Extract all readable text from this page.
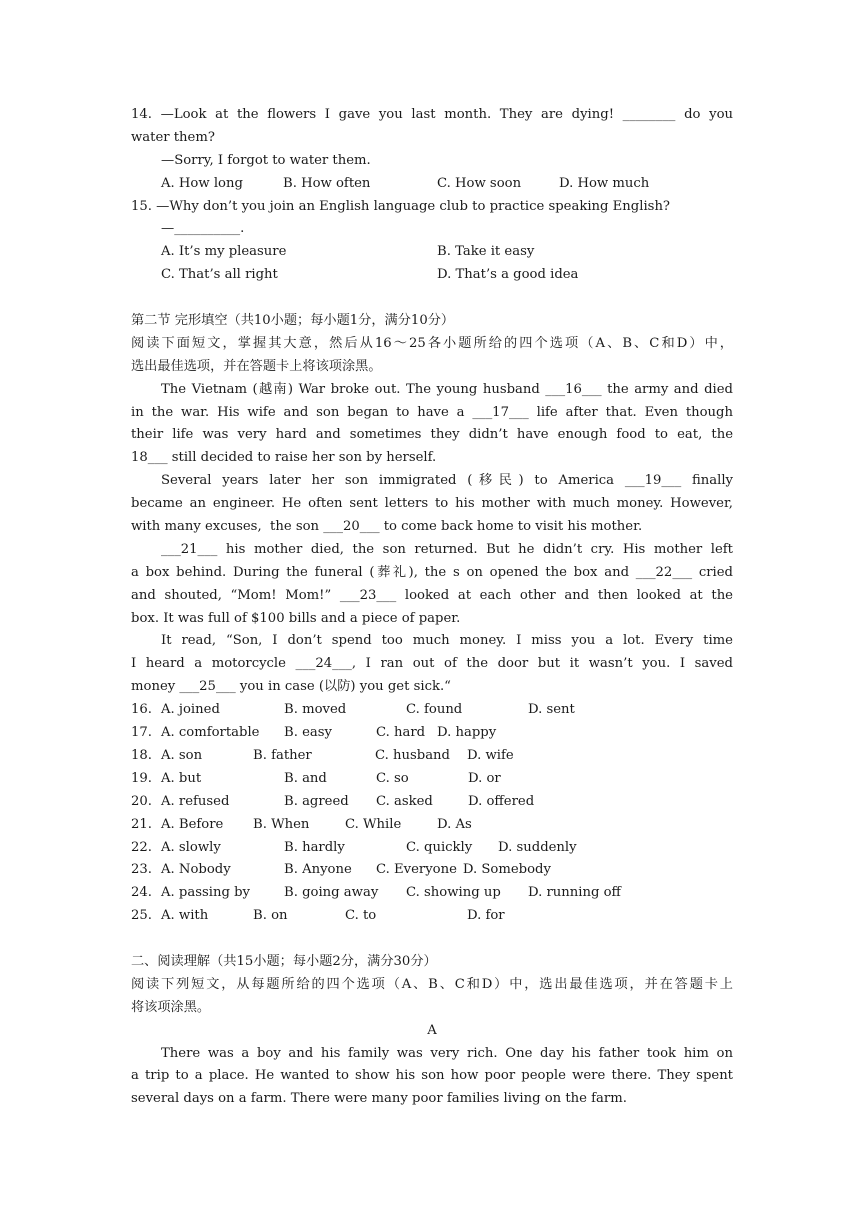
14. —Look at the flowers I gave you last month. They are dying! ________ do you
water them?
—Sorry, I forgot to water them.
A. How long	B. How often	C. How soon	D. How much
15. —Why don’t you join an English language club to practice speaking English?
—__________.
A. It’s my pleasure	B. Take it easy
C. That’s all right	D. That’s a good idea
第二节 完形填空（共10小题；每小题1分，满分10分）
阅读下面短文，掌握其大意，然后从16～25各小题所给的四个选项（A、B、C和D）中，
选出最佳选项，并在答题卡上将该项涂黑。
The Vietnam (越南) War broke out. The young husband ___16___ the army and died
in the war. His wife and son began to have a ___17___ life after that. Even though
their life was very hard and sometimes they didn’t have enough food to eat, the
18___ still decided to raise her son by herself.
Several years later her son immigrated (移民) to America ___19___ finally
became an engineer. He often sent letters to his mother with much money. However,
with many excuses,  the son ___20___ to come back home to visit his mother.
___21___ his mother died, the son returned. But he didn’t cry. His mother left
a box behind. During the funeral (葬礼), the s on opened the box and ___22___ cried
and shouted, “Mom! Mom!” ___23___ looked at each other and then looked at the
box. It was full of $100 bills and a piece of paper.
It read, “Son, I don’t spend too much money. I miss you a lot. Every time
I heard a motorcycle ___24___, I ran out of the door but it wasn’t you. I saved
money ___25___ you in case (以防) you get sick.“
16. A. joined	B. moved	C. found	D. sent
17. A. comfortable	B. easy	C. hard D. happy
18. A. son	B. father	C. husband	D. wife
19. A. but	B. and	C. so	D. or
20. A. refused	B. agreed	C. asked	D. offered
21. A. Before	B. When	C. While	D. As
22. A. slowly	B. hardly	C. quickly	D. suddenly
23. A. Nobody	B. Anyone	C. Everyone D. Somebody
24. A. passing by	B. going away	C. showing up	D. running off
25. A. with	B. on	C. to	D. for
二、阅读理解（共15小题；每小题2分，满分30分）
阅读下列短文，从每题所给的四个选项（A、B、C和D）中，选出最佳选项，并在答题卡上
将该项涂黑。
A
There was a boy and his family was very rich. One day his father took him on
a trip to a place. He wanted to show his son how poor people were there. They spent
several days on a farm. There were many poor families living on the farm.
